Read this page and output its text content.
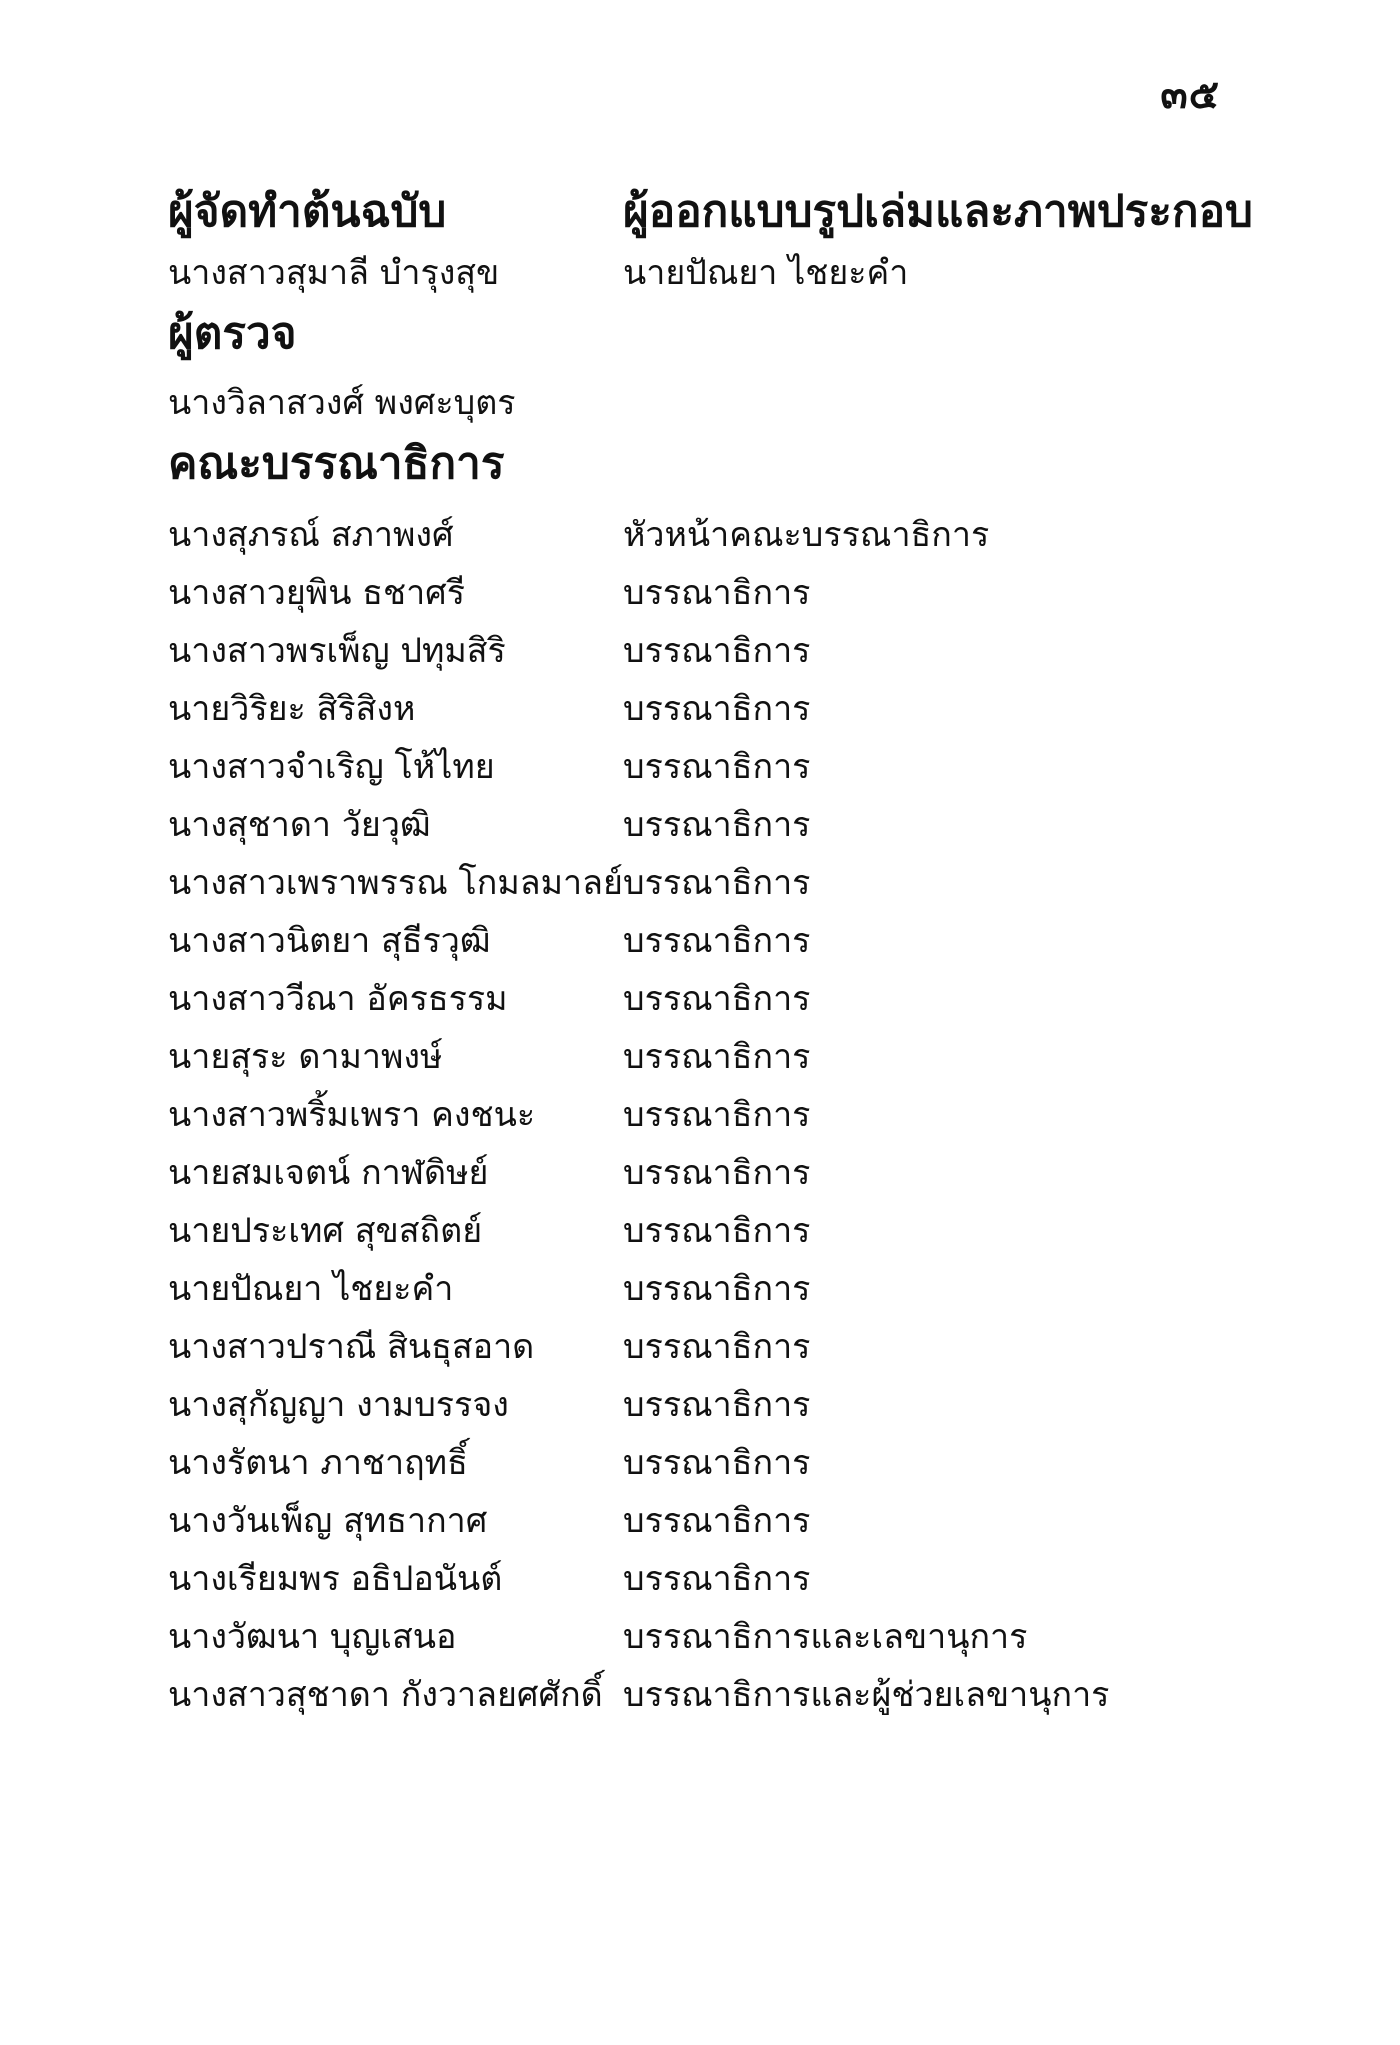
๓๕
ผู้จัดทำต้นฉบับ	ผู้ออกแบบรูปเล่มและภาพประกอบ
นางสาวสุมาลี บำรุงสุข	นายปัณยา ไชยะคำ
ผู้ตรวจ
นางวิลาสวงศ์ พงศะบุตร
คณะบรรณาธิการ
นางสุภรณ์ สภาพงศ์	หัวหน้าคณะบรรณาธิการ
นางสาวยุพิน ธชาศรี	บรรณาธิการ
นางสาวพรเพ็ญ ปทุมสิริ	บรรณาธิการ
นายวิริยะ สิริสิงห	บรรณาธิการ
นางสาวจำเริญ โห้ไทย	บรรณาธิการ
นางสุชาดา วัยวุฒิ	บรรณาธิการ
นางสาวเพราพรรณ โกมลมาลย์ บรรณาธิการ
นางสาวนิตยา สุธีรวุฒิ	บรรณาธิการ
นางสาววีณา อัครธรรม	บรรณาธิการ
นายสุระ ดามาพงษ์	บรรณาธิการ
นางสาวพริ้มเพรา คงชนะ	บรรณาธิการ
นายสมเจตน์ กาฬดิษย์	บรรณาธิการ
นายประเทศ สุขสถิตย์	บรรณาธิการ
นายปัณยา ไชยะคำ	บรรณาธิการ
นางสาวปราณี สินธุสอาด	บรรณาธิการ
นางสุกัญญา งามบรรจง	บรรณาธิการ
นางรัตนา ภาชาฤทธิ์	บรรณาธิการ
นางวันเพ็ญ สุทธากาศ	บรรณาธิการ
นางเรียมพร อธิปอนันต์	บรรณาธิการ
นางวัฒนา บุญเสนอ	บรรณาธิการและเลขานุการ
นางสาวสุชาดา กังวาลยศศักดิ์ บรรณาธิการและผู้ช่วยเลขานุการ
